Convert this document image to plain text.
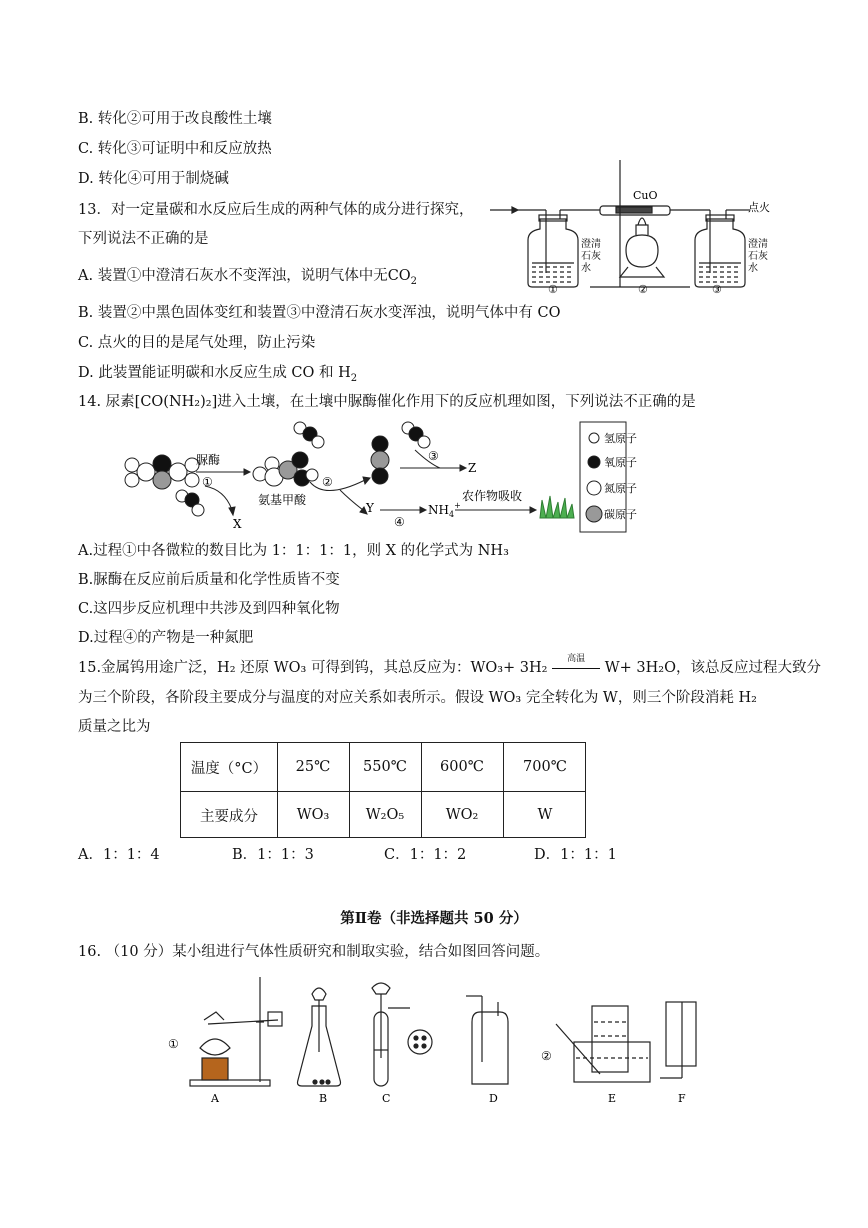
B. 转化②可用于改良酸性土壤
C. 转化③可证明中和反应放热
D. 转化④可用于制烧碱
13．对一定量碳和水反应后生成的两种气体的成分进行探究，
下列说法不正确的是
A. 装置①中澄清石灰水不变浑浊，说明气体中无$CO_2$
B. 装置②中黑色固体变红和装置③中澄清石灰水变浑浊，说明气体中有 CO
C. 点火的目的是尾气处理，防止污染
D. 此装置能证明碳和水反应生成 CO 和 $H_2$
CuO
点火
澄清
石灰
水
澄清
石灰
水
①	②	③
14. 尿素[CO(NH₂)₂]进入土壤，在土壤中脲酶催化作用下的反应机理如图，下列说法不正确的是
脲酶
①
X
氨基甲酸
②
Y
③
Z
④
$NH_4^+$
农作物吸收
氢原子
氧原子
氮原子
碳原子
A.过程①中各微粒的数目比为 1：1：1：1，则 X 的化学式为 NH₃
B.脲酶在反应前后质量和化学性质皆不变
C.这四步反应机理中共涉及到四种氧化物
D.过程④的产物是一种氮肥
15.金属钨用途广泛，H₂ 还原 WO₃ 可得到钨，其总反应为：WO₃+ 3H₂
高温
W+ 3H₂O，该总反应过程大致分
为三个阶段，各阶段主要成分与温度的对应关系如表所示。假设 WO₃ 完全转化为 W，则三个阶段消耗 H₂
质量之比为
温度（°C）	25℃	550℃	600℃	700℃
主要成分	WO₃	W₂O₅	WO₂	W
A．1：1：4	B．1：1：3	C．1：1：2	D．1：1：1
第Ⅱ卷（非选择题共 50 分）
16. （10 分）某小组进行气体性质研究和制取实验，结合如图回答问题。
①
②
A	B	C	D	E	F
